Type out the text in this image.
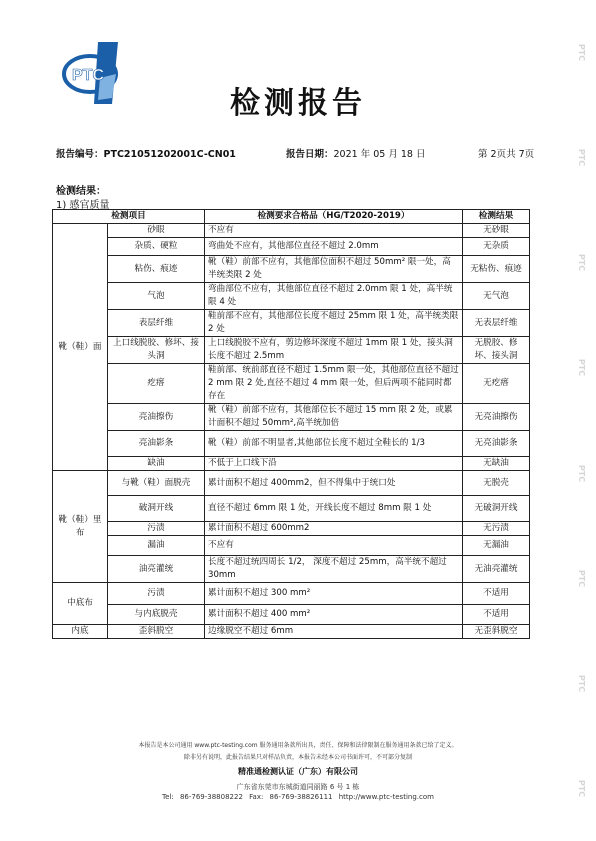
PTC
PTC
PTC
PTC
PTC
PTC
PTC
PTC
PTC
检测报告
报告编号：PTC21051202001C-CN01	报告日期：2021 年 05 月 18 日	第 2页共 7页
检测结果：
1) 感官质量
检测项目		检测要求合格品（HG/T2020-2019）	检测结果
靴（鞋）面	砂眼	不应有	无砂眼
	杂质、硬粒	弯曲处不应有，其他部位直径不超过 2.0mm	无杂质
	粘伤、痕迹	靴（鞋）前部不应有，其他部位面积不超过 50mm² 限一处，高半统类限 2 处	无粘伤、痕迹
	气泡	弯曲部位不应有，其他部位直径不超过 2.0mm 限 1 处，高半统限 4 处	无气泡
	表层纤维	鞋前部不应有，其他部位长度不超过 25mm 限 1 处，高半统类限 2 处	无表层纤维
	上口线脱胶、修坏、接头洞	上口线脱胶不应有，剪边修坏深度不超过 1mm 限 1 处，接头洞长度不超过 2.5mm	无脱胶、修坏、接头洞
	疙瘩	鞋前部、统前部直径不超过 1.5mm 限一处，其他部位直径不超过 2 mm 限 2 处,直径不超过 4 mm 限一处，但后两项不能同时都存在	无疙瘩
	亮油擦伤	靴（鞋）前部不应有，其他部位长不超过 15 mm 限 2 处，或累计面积不超过 50mm²,高半统加倍	无亮油擦伤
	亮油影条	靴（鞋）前部不明显者,其他部位长度不超过全鞋长的 1/3	无亮油影条
	缺油	不低于上口线下沿	无缺油
靴（鞋）里布	与靴（鞋）面脱壳	累计面积不超过 400mm2，但不得集中于统口处	无脱壳
	破洞开线	直径不超过 6mm 限 1 处，开线长度不超过 8mm 限 1 处	无破洞开线
	污渍	累计面积不超过 600mm2	无污渍
	漏油	不应有	无漏油
	油亮灌统	长度不超过统四周长 1/2， 深度不超过 25mm，高半统不超过 30mm	无油亮灌统
中底布	污渍	累计面积不超过 300 mm²	不适用
	与内底脱壳	累计面积不超过 400 mm²	不适用
内底	歪斜脱空	边缘脱空不超过 6mm	无歪斜脱空
本报告是本公司通用 www.ptc-testing.com 服务通用条款所出具，责任、保障和法律限制在服务通用条款已给了定义。
除非另有说明，此报告结果只对样品负责，本报告未经本公司书面许可，不可部分复制
精准通检测认证（广东）有限公司
广东省东莞市东城街道同丽路 6 号 1 栋
Tel: 86-769-38808222 Fax: 86-769-38826111 http://www.ptc-testing.com
